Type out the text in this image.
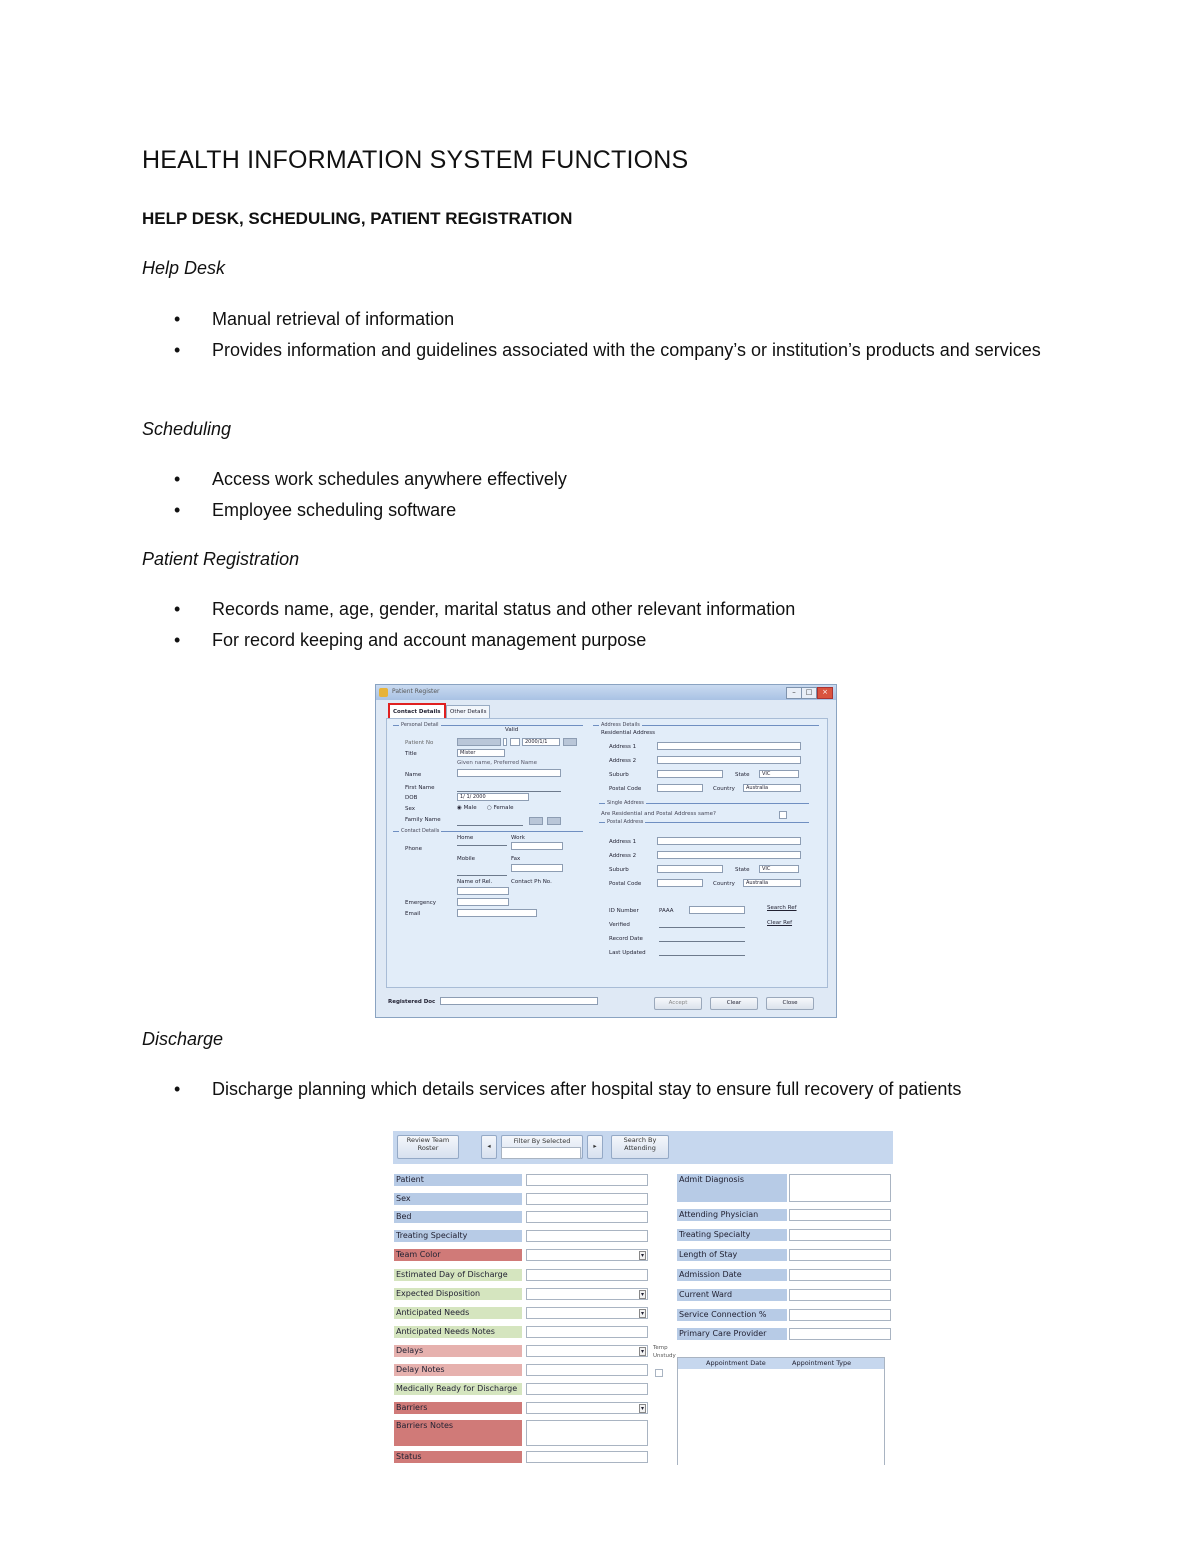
HEALTH INFORMATION SYSTEM FUNCTIONS
HELP DESK, SCHEDULING, PATIENT REGISTRATION

Help Desk

• Manual retrieval of information
• Provides information and guidelines associated with the company’s or institution’s products and services

Scheduling

• Access work schedules anywhere effectively
• Employee scheduling software

Patient Registration

• Records name, age, gender, marital status and other relevant information
• For record keeping and account management purpose
Patient Register	–	□	×
Contact Details	Other Details
Personal Detail
Valid
Patient No	2000/1/1
Title	Mister
Given name, Preferred Name
Name
First Name
DOB	1/ 1/ 2000
Sex	◉ Male ○ Female
Family Name
Contact Details
Home	Work
Phone
Mobile	Fax
Name of Rel.	Contact Ph No.
Emergency
Email
Address Details
Residential Address
Address 1
Address 2
Suburb	State	VIC
Postal Code	Country	Australia
Single Address
Are Residential and Postal Address same?
Postal Address
Address 1
Address 2
Suburb	State	VIC
Postal Code	Country	Australia
ID Number	PAAA
Verified
Record Date
Last Updated
Search Ref
Clear Ref
Registered Doc	Accept	Clear	Close

Discharge

• Discharge planning which details services after hospital stay to ensure full recovery of patients
Review Team Roster	◂
Filter By Selected
▸
Search By Attending
Patient
Sex
Bed
Treating Specialty
Team Color	▾
Estimated Day of Discharge
Expected Disposition	▾
Anticipated Needs	▾
Anticipated Needs Notes
Delays	▾
Delay Notes
Medically Ready for Discharge
Barriers	▾
Barriers Notes
Status
Admit Diagnosis
Attending Physician
Treating Specialty
Length of Stay
Admission Date
Current Ward
Service Connection %
Primary Care Provider
Temp Unstudy
Appointment Date	Appointment Type
